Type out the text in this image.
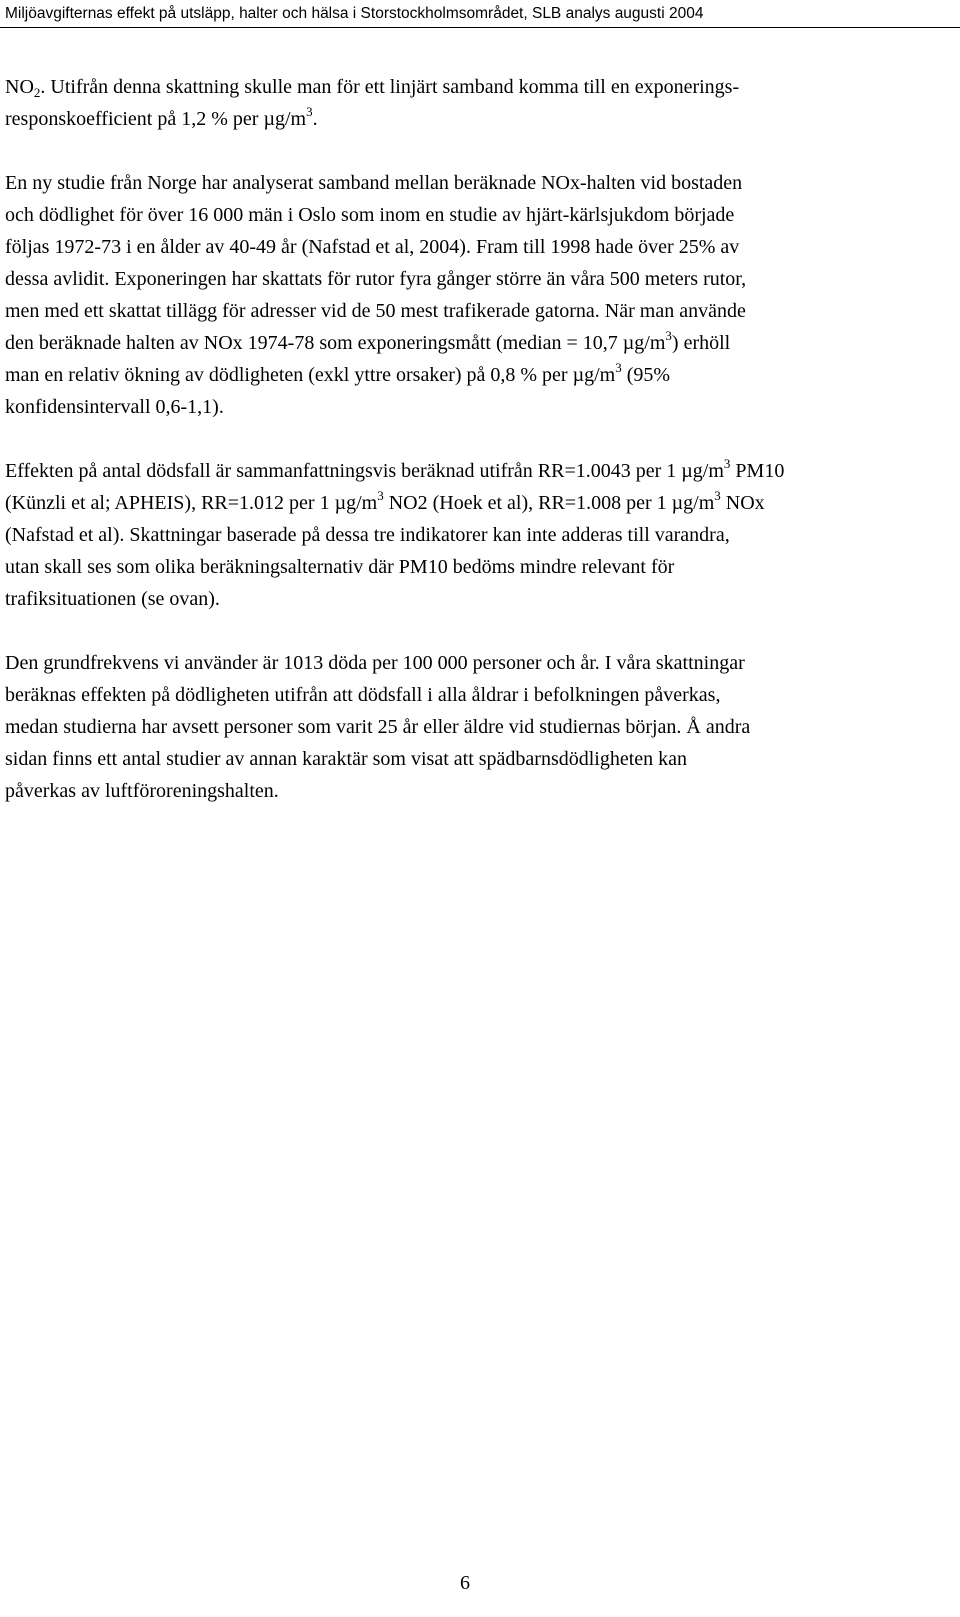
Miljöavgifternas effekt på utsläpp, halter och hälsa i Storstockholmsområdet, SLB analys augusti 2004

$NO_2$. Utifrån denna skattning skulle man för ett linjärt samband komma till en exponerings-
responskoefficient på 1,2 % per $\mu g/m^3$.

En ny studie från Norge har analyserat samband mellan beräknade NOx-halten vid bostaden
och dödlighet för över 16 000 män i Oslo som inom en studie av hjärt-kärlsjukdom började
följas 1972-73 i en ålder av 40-49 år (Nafstad et al, 2004). Fram till 1998 hade över 25% av
dessa avlidit. Exponeringen har skattats för rutor fyra gånger större än våra 500 meters rutor,
men med ett skattat tillägg för adresser vid de 50 mest trafikerade gatorna. När man använde
den beräknade halten av NOx 1974-78 som exponeringsmått (median = 10,7 $\mu g/m^3$) erhöll
man en relativ ökning av dödligheten (exkl yttre orsaker) på 0,8 % per $\mu g/m^3$ (95%
konfidensintervall 0,6-1,1).

Effekten på antal dödsfall är sammanfattningsvis beräknad utifrån RR=1.0043 per 1 $\mu g/m^3$ PM10
(Künzli et al; APHEIS), RR=1.012 per 1 $\mu g/m^3$ NO2 (Hoek et al), RR=1.008 per 1 $\mu g/m^3$ NOx
(Nafstad et al). Skattningar baserade på dessa tre indikatorer kan inte adderas till varandra,
utan skall ses som olika beräkningsalternativ där PM10 bedöms mindre relevant för
trafiksituationen (se ovan).

Den grundfrekvens vi använder är 1013 döda per 100 000 personer och år. I våra skattningar
beräknas effekten på dödligheten utifrån att dödsfall i alla åldrar i befolkningen påverkas,
medan studierna har avsett personer som varit 25 år eller äldre vid studiernas början. Å andra
sidan finns ett antal studier av annan karaktär som visat att spädbarnsdödligheten kan
påverkas av luftföroreningshalten.

6
